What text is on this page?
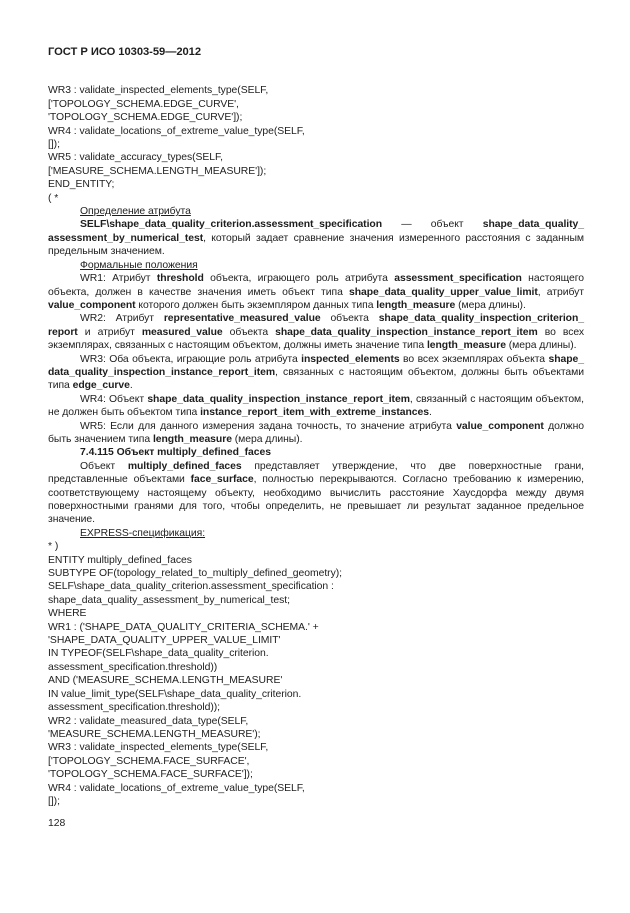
ГОСТ Р ИСО 10303-59—2012
WR3 : validate_inspected_elements_type(SELF,
['TOPOLOGY_SCHEMA.EDGE_CURVE',
'TOPOLOGY_SCHEMA.EDGE_CURVE']);
WR4 : validate_locations_of_extreme_value_type(SELF,
[]);
WR5 : validate_accuracy_types(SELF,
['MEASURE_SCHEMA.LENGTH_MEASURE']);
END_ENTITY;
( *

Определение атрибута

SELF\shape_​data_​quality_​criterion.assessment_​specification — объект shape_​data_​quality_​assessment_​by_​numerical_​test, который задает сравнение значения измеренного расстояния с заданным предельным значением.

Формальные положения

WR1: Атрибут threshold объекта, играющего роль атрибута assessment_​specification настоящего объекта, должен в качестве значения иметь объект типа shape_​data_​quality_​upper_​value_​limit, атрибут value_​component которого должен быть экземпляром данных типа length_​measure (мера длины).

WR2: Атрибут representative_​measured_​value объекта shape_​data_​quality_​inspection_​criterion_​report и атрибут measured_​value объекта shape_​data_​quality_​inspection_​instance_​report_​item во всех экземплярах, связанных с настоящим объектом, должны иметь значение типа length_​measure (мера длины).

WR3: Оба объекта, играющие роль атрибута inspected_​elements во всех экземплярах объекта shape_​data_​quality_​inspection_​instance_​report_​item, связанных с настоящим объектом, должны быть объектами типа edge_​curve.

WR4: Объект shape_​data_​quality_​inspection_​instance_​report_​item, связанный с настоящим объектом, не должен быть объектом типа instance_​report_​item_​with_​extreme_​instances.

WR5: Если для данного измерения задана точность, то значение атрибута value_​component должно быть значением типа length_​measure (мера длины).

7.4.115 Объект multiply_​defined_​faces

Объект multiply_​defined_​faces представляет утверждение, что две поверхностные грани, представленные объектами face_​surface, полностью перекрываются. Согласно требованию к измерению, соответствующему настоящему объекту, необходимо вычислить расстояние Хаусдорфа между двумя поверхностными гранями для того, чтобы определить, не превышает ли результат заданное предельное значение.

EXPRESS-спецификация:

* )
ENTITY multiply_defined_faces
SUBTYPE OF(topology_related_to_multiply_defined_geometry);
SELF\shape_data_quality_criterion.assessment_specification :
shape_data_quality_assessment_by_numerical_test;
WHERE
WR1 : ('SHAPE_DATA_QUALITY_CRITERIA_SCHEMA.' +
'SHAPE_DATA_QUALITY_UPPER_VALUE_LIMIT'
IN TYPEOF(SELF\shape_data_quality_criterion.
assessment_specification.threshold))
AND ('MEASURE_SCHEMA.LENGTH_MEASURE'
IN value_limit_type(SELF\shape_data_quality_criterion.
assessment_specification.threshold));
WR2 : validate_measured_data_type(SELF,
'MEASURE_SCHEMA.LENGTH_MEASURE');
WR3 : validate_inspected_elements_type(SELF,
['TOPOLOGY_SCHEMA.FACE_SURFACE',
'TOPOLOGY_SCHEMA.FACE_SURFACE']);
WR4 : validate_locations_of_extreme_value_type(SELF,
[]);
128
